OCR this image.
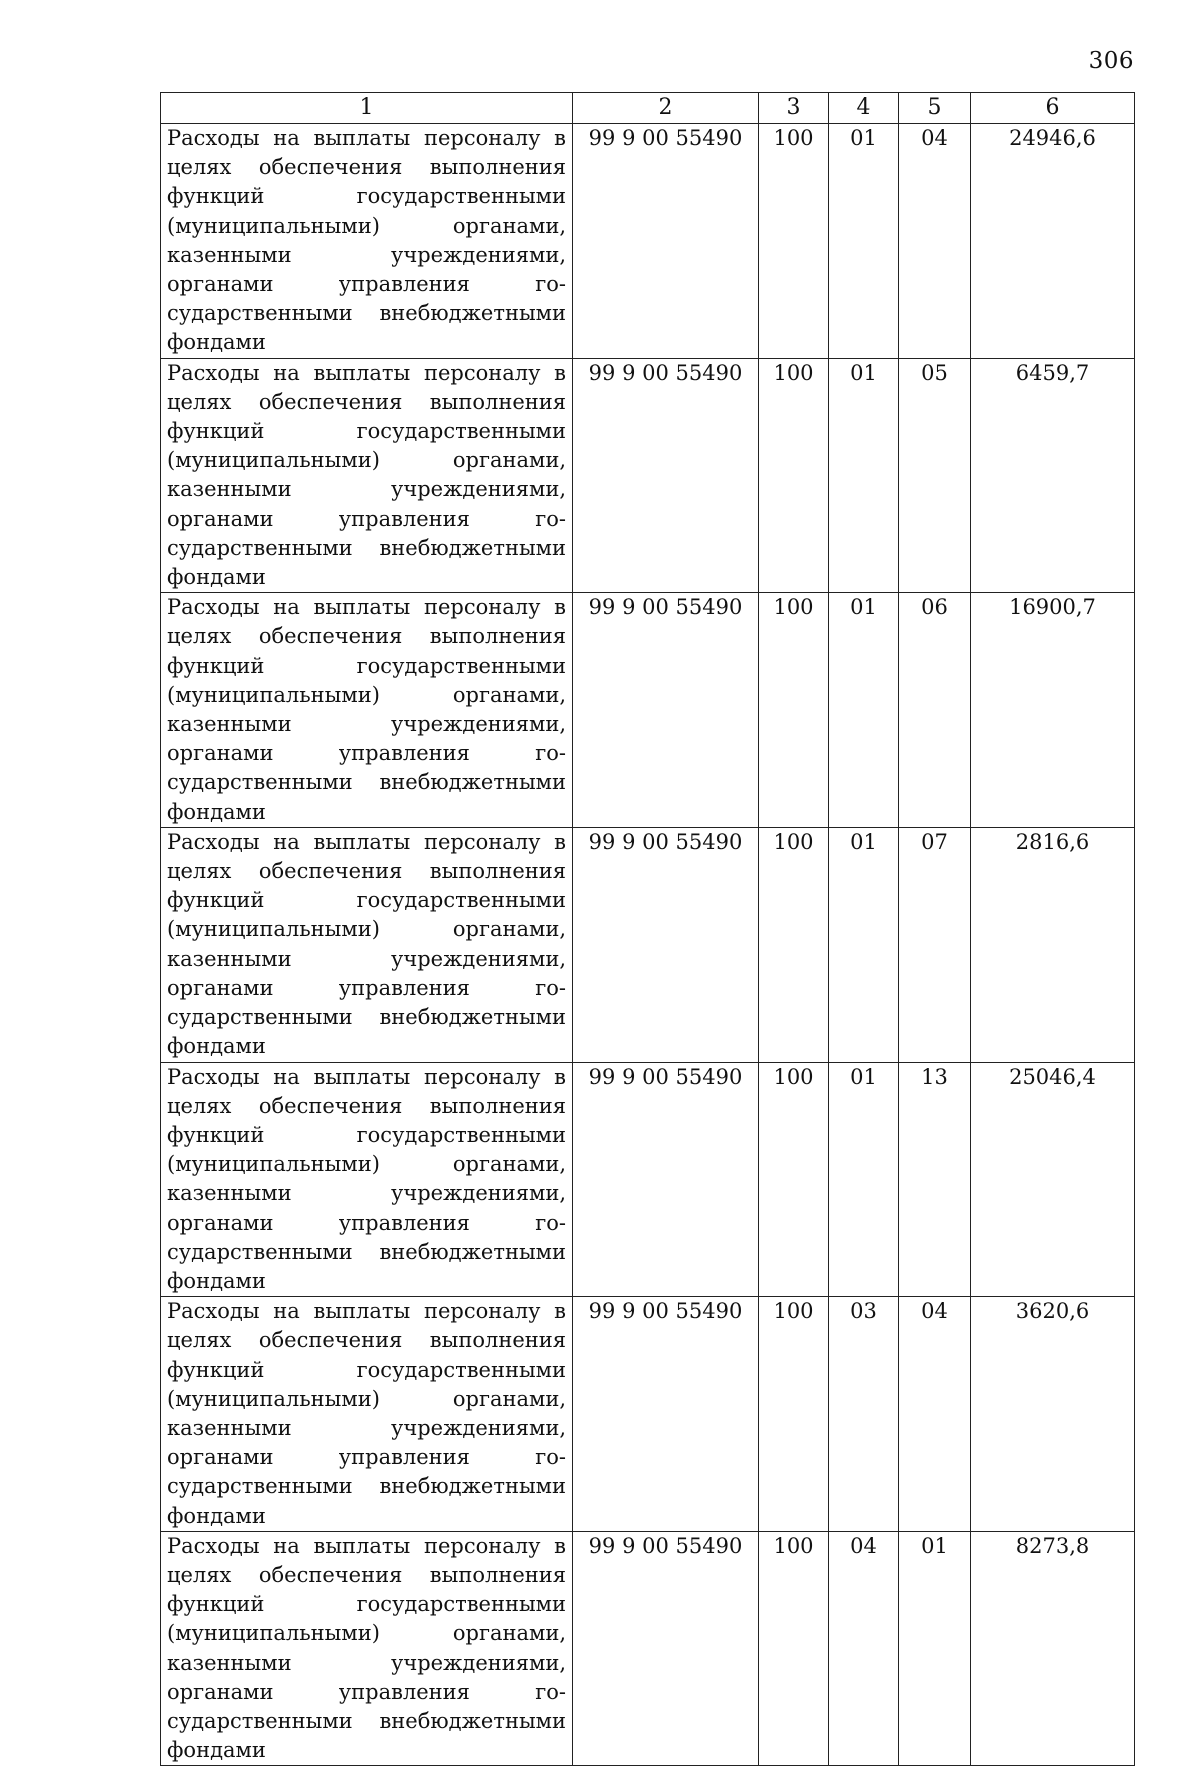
306
1	2	3	4	5	6
Расходы на выплаты персоналу в целях обеспечения выполнения функций государственными (муниципальными) органами, казенными учреждениями, органами управления государственными внебюджетными фондами	99 9 00 55490	100	01	04	24946,6
Расходы на выплаты персоналу в целях обеспечения выполнения функций государственными (муниципальными) органами, казенными учреждениями, органами управления государственными внебюджетными фондами	99 9 00 55490	100	01	05	6459,7
Расходы на выплаты персоналу в целях обеспечения выполнения функций государственными (муниципальными) органами, казенными учреждениями, органами управления государственными внебюджетными фондами	99 9 00 55490	100	01	06	16900,7
Расходы на выплаты персоналу в целях обеспечения выполнения функций государственными (муниципальными) органами, казенными учреждениями, органами управления государственными внебюджетными фондами	99 9 00 55490	100	01	07	2816,6
Расходы на выплаты персоналу в целях обеспечения выполнения функций государственными (муниципальными) органами, казенными учреждениями, органами управления государственными внебюджетными фондами	99 9 00 55490	100	01	13	25046,4
Расходы на выплаты персоналу в целях обеспечения выполнения функций государственными (муниципальными) органами, казенными учреждениями, органами управления государственными внебюджетными фондами	99 9 00 55490	100	03	04	3620,6
Расходы на выплаты персоналу в целях обеспечения выполнения функций государственными (муниципальными) органами, казенными учреждениями, органами управления государственными внебюджетными фондами	99 9 00 55490	100	04	01	8273,8
